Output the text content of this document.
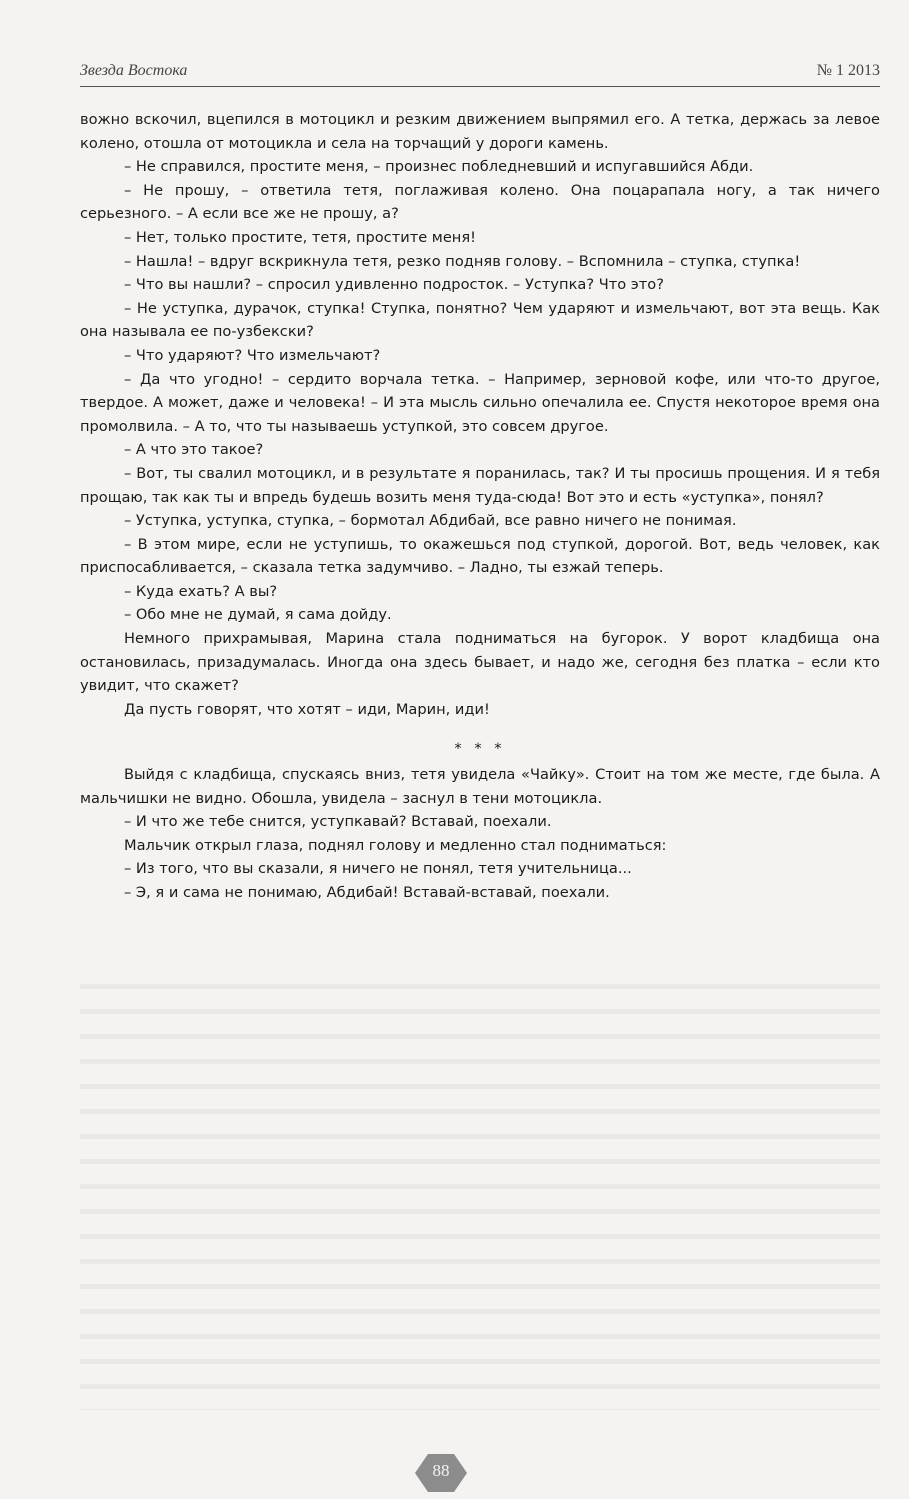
Звезда Востока	№ 1 2013

вожно вскочил, вцепился в мотоцикл и резким движением выпрямил его. А тетка, держась за левое колено, отошла от мотоцикла и села на торчащий у дороги камень.

– Не справился, простите меня, – произнес побледневший и испугавшийся Абди.

– Не прошу, – ответила тетя, поглаживая колено. Она поцарапала ногу, а так ничего серьезного. – А если все же не прошу, а?

– Нет, только простите, тетя, простите меня!

– Нашла! – вдруг вскрикнула тетя, резко подняв голову. – Вспомнила – ступка, ступка!

– Что вы нашли? – спросил удивленно подросток. – Уступка? Что это?

– Не уступка, дурачок, ступка! Ступка, понятно? Чем ударяют и измельчают, вот эта вещь. Как она называла ее по-узбекски?

– Что ударяют? Что измельчают?

– Да что угодно! – сердито ворчала тетка. – Например, зерновой кофе, или что-то другое, твердое. А может, даже и человека! – И эта мысль сильно опечалила ее. Спустя некоторое время она промолвила. – А то, что ты называешь уступкой, это совсем другое.

– А что это такое?

– Вот, ты свалил мотоцикл, и в результате я поранилась, так? И ты просишь прощения. И я тебя прощаю, так как ты и впредь будешь возить меня туда-сюда! Вот это и есть «уступка», понял?

– Уступка, уступка, ступка, – бормотал Абдибай, все равно ничего не понимая.

– В этом мире, если не уступишь, то окажешься под ступкой, дорогой. Вот, ведь человек, как приспосабливается, – сказала тетка задумчиво. – Ладно, ты езжай теперь.

– Куда ехать? А вы?

– Обо мне не думай, я сама дойду.

Немного прихрамывая, Марина стала подниматься на бугорок. У ворот кладбища она остановилась, призадумалась. Иногда она здесь бывает, и надо же, сегодня без платка – если кто увидит, что скажет?

Да пусть говорят, что хотят – иди, Марин, иди!

* * *

Выйдя с кладбища, спускаясь вниз, тетя увидела «Чайку». Стоит на том же месте, где была. А мальчишки не видно. Обошла, увидела – заснул в тени мотоцикла.

– И что же тебе снится, уступкавай? Вставай, поехали.

Мальчик открыл глаза, поднял голову и медленно стал подниматься:

– Из того, что вы сказали, я ничего не понял, тетя учительница...

– Э, я и сама не понимаю, Абдибай! Вставай-вставай, поехали.

88
